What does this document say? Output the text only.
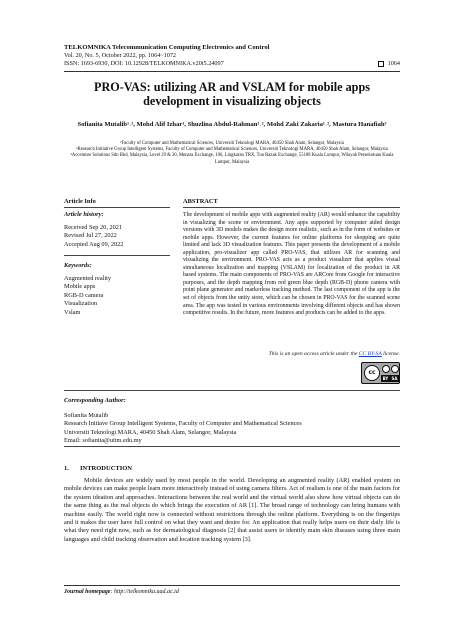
TELKOMNIKA Telecommunication Computing Electronics and Control
Vol. 20, No. 5, October 2022, pp. 1064~1072
ISSN: 1693-6930, DOI: 10.12928/TELKOMNIKA.v20i5.24097	1064
PRO-VAS: utilizing AR and VSLAM for mobile apps development in visualizing objects
Sofianita Mutalib¹˒², Mohd Alif Izhar¹, Shuzlina Abdul-Rahman¹˒², Mohd Zaki Zakaria¹˒², Mastura Hanafiah³
¹Faculty of Computer and Mathematical Sciences, Universiti Teknologi MARA, 40450 Shah Alam, Selangor, Malaysia
²Research Initiative Group Intelligent Systems, Faculty of Computer and Mathematical Sciences, Universiti Teknologi MARA, 40450 Shah Alam, Selangor, Malaysia
³Accenture Solutions Sdn Bhd, Malaysia, Level 29 & 30, Menara Exchange, 106, Lingkaran TRX, Tun Razak Exchange, 55188 Kuala Lumpur, Wilayah Persekutuan Kuala Lumpur, Malaysia
Article Info	ABSTRACT
Article history:
Received Sep 20, 2021
Revised Jul 27, 2022
Accepted Aug 09, 2022
Keywords:
Augmented reality
Mobile apps
RGB-D camera
Visualization
Vslam
The development of mobile apps with augmented reality (AR) would enhance the capability in visualizing the scene or environment. Any apps supported by computer aided design versions with 3D models makes the design more realistic, such as in the form of websites or mobile apps. However, the current features for online platforms for shopping are quite limited and lack 3D visualization features. This paper presents the development of a mobile application, pro-visualizer app called PRO-VAS, that utilizes AR for scanning and visualizing the environment. PRO-VAS acts as a product visualizer that applies visual simultaneous localization and mapping (VSLAM) for localization of the product in AR based systems. The main components of PRO-VAS are ARCore from Google for interactive purposes, and the depth mapping from red green blue depth (RGB-D) phone camera with point plane generator and markerless tracking method. The last component of the app is the set of objects from the unity store, which can be chosen in PRO-VAS for the scanned scene area. The app was tested in various environments involving different objects and has shown competitive results. In the future, more features and products can be added to the apps.
This is an open access article under the CC BY-SA license.
cc
BY SA
Corresponding Author:
Sofianita Mutalib
Research Initiave Group Intelligent Systems, Faculty of Computer and Mathematical Sciences
Universiti Teknologi MARA, 40450 Shah Alam, Selangor, Malaysia
Email: sofianita@uitm.edu.my
1. INTRODUCTION
Mobile devices are widely used by most people in the world. Developing an augmented reality (AR) enabled system on mobile devices can make people learn more interactively instead of using camera filters. Act of realism is one of the main factors for the system ideation and approaches. Interactions between the real world and the virtual world also show how virtual objects can do the same thing as the real objects do which brings the execution of AR [1]. The broad range of technology can bring humans with machine easily. The world right now is connected without restrictions through the online platform. Everything is on the fingertips and it makes the user have full control on what they want and desire for. An application that really helps users on their daily life is what they need right now, such as for dermatological diagnosis [2] that assist users to identify main skin diseases using three main languages and child tracking observation and location tracking system [3].
Journal homepage: http://telkomnika.uad.ac.id
